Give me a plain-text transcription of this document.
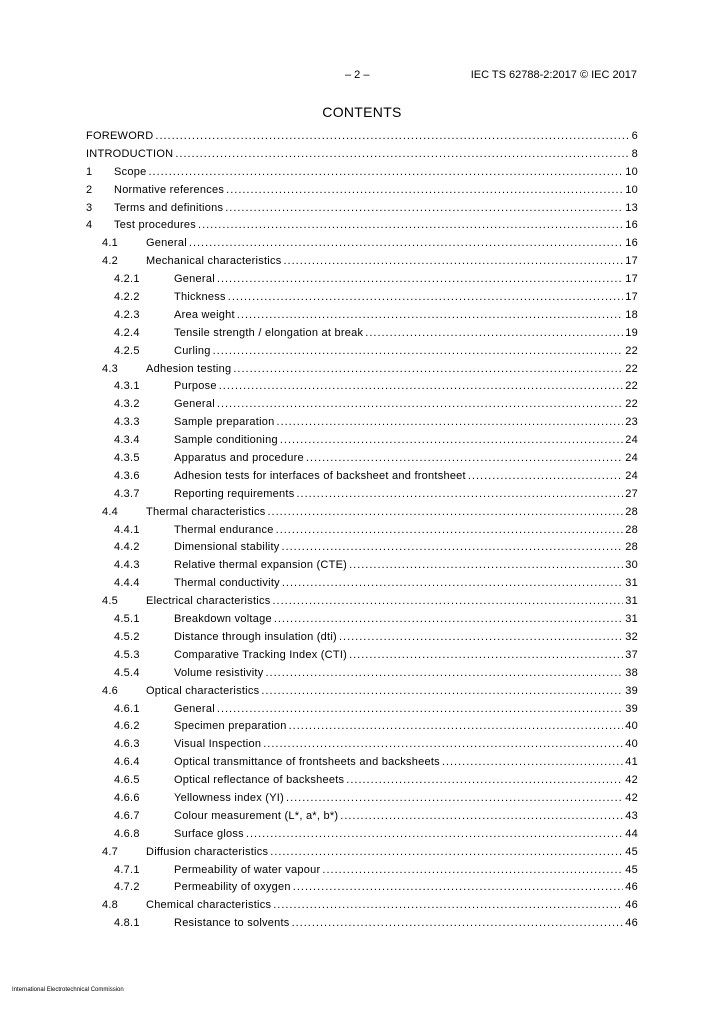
– 2 –	IEC TS 62788-2:2017 © IEC 2017
CONTENTS
FOREWORD .....	6
INTRODUCTION .....	8
1	Scope .....	10
2	Normative references .....	10
3	Terms and definitions .....	13
4	Test procedures .....	16
4.1	General .....	16
4.2	Mechanical characteristics .....	17
4.2.1	General .....	17
4.2.2	Thickness .....	17
4.2.3	Area weight .....	18
4.2.4	Tensile strength / elongation at break .....	19
4.2.5	Curling .....	22
4.3	Adhesion testing .....	22
4.3.1	Purpose .....	22
4.3.2	General .....	22
4.3.3	Sample preparation .....	23
4.3.4	Sample conditioning .....	24
4.3.5	Apparatus and procedure .....	24
4.3.6	Adhesion tests for interfaces of backsheet and frontsheet .....	24
4.3.7	Reporting requirements .....	27
4.4	Thermal characteristics .....	28
4.4.1	Thermal endurance .....	28
4.4.2	Dimensional stability .....	28
4.4.3	Relative thermal expansion (CTE) .....	30
4.4.4	Thermal conductivity .....	31
4.5	Electrical characteristics .....	31
4.5.1	Breakdown voltage .....	31
4.5.2	Distance through insulation (dti) .....	32
4.5.3	Comparative Tracking Index (CTI) .....	37
4.5.4	Volume resistivity .....	38
4.6	Optical characteristics .....	39
4.6.1	General .....	39
4.6.2	Specimen preparation .....	40
4.6.3	Visual Inspection .....	40
4.6.4	Optical transmittance of frontsheets and backsheets .....	41
4.6.5	Optical reflectance of backsheets .....	42
4.6.6	Yellowness index (YI) .....	42
4.6.7	Colour measurement (L*, a*, b*) .....	43
4.6.8	Surface gloss .....	44
4.7	Diffusion characteristics .....	45
4.7.1	Permeability of water vapour .....	45
4.7.2	Permeability of oxygen .....	46
4.8	Chemical characteristics .....	46
4.8.1	Resistance to solvents .....	46
International Electrotechnical Commission
